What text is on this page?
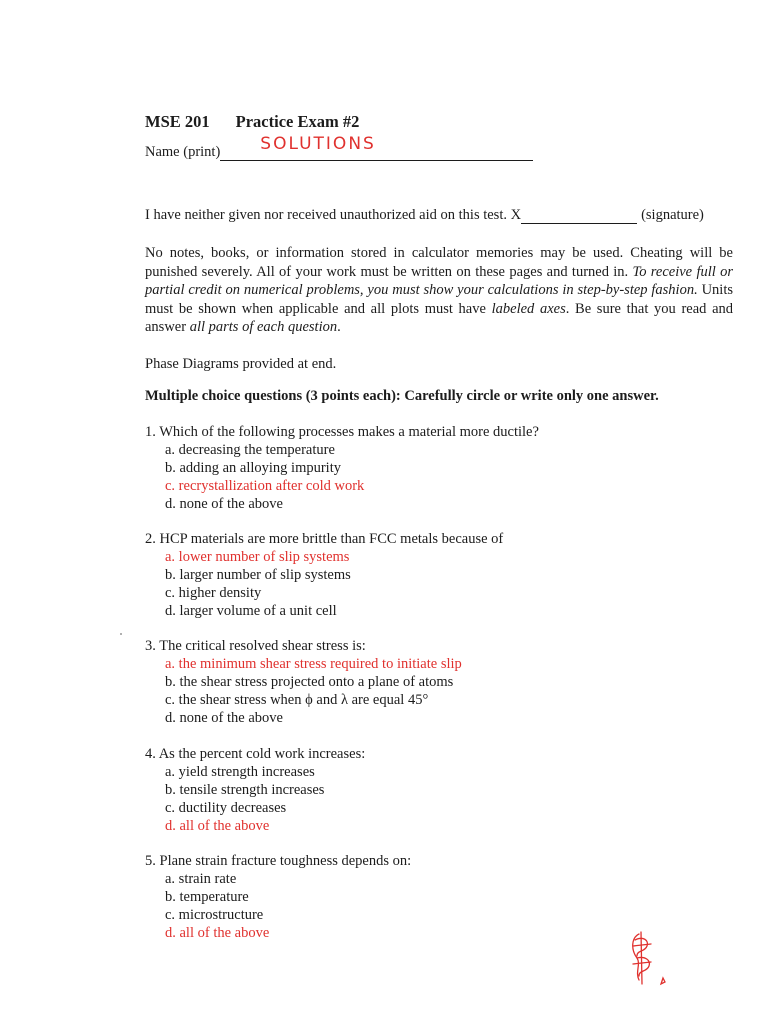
MSE 201 Practice Exam #2
Name (print) SOLUTIONS
I have neither given nor received unauthorized aid on this test. X	(signature)
No notes, books, or information stored in calculator memories may be used. Cheating will be punished severely. All of your work must be written on these pages and turned in. To receive full or partial credit on numerical problems, you must show your calculations in step-by-step fashion. Units must be shown when applicable and all plots must have labeled axes. Be sure that you read and answer all parts of each question.
Phase Diagrams provided at end.
Multiple choice questions (3 points each): Carefully circle or write only one answer.
1. Which of the following processes makes a material more ductile?
a. decreasing the temperature
b. adding an alloying impurity
c. recrystallization after cold work
d. none of the above
2. HCP materials are more brittle than FCC metals because of
a. lower number of slip systems
b. larger number of slip systems
c. higher density
d. larger volume of a unit cell
3. The critical resolved shear stress is:
a. the minimum shear stress required to initiate slip
b. the shear stress projected onto a plane of atoms
c. the shear stress when ϕ and λ are equal 45°
d. none of the above
4. As the percent cold work increases:
a. yield strength increases
b. tensile strength increases
c. ductility decreases
d. all of the above
5. Plane strain fracture toughness depends on:
a. strain rate
b. temperature
c. microstructure
d. all of the above
